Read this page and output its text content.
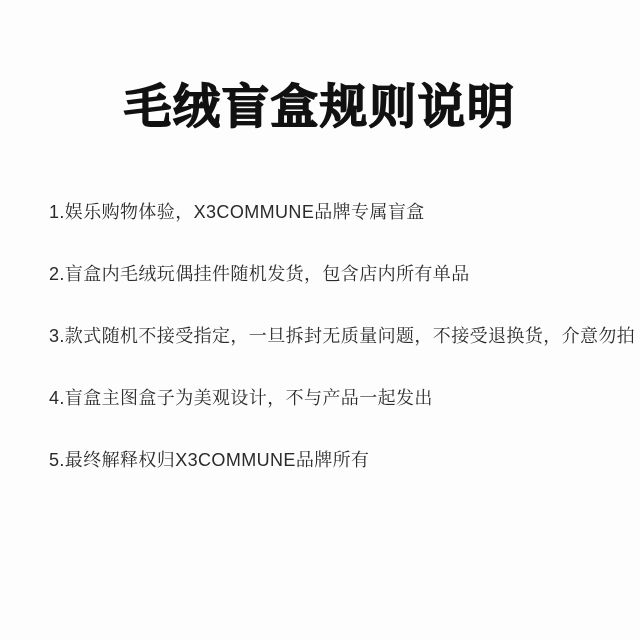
毛绒盲盒规则说明

1.娱乐购物体验，X3COMMUNE品牌专属盲盒

2.盲盒内毛绒玩偶挂件随机发货，包含店内所有单品

3.款式随机不接受指定，一旦拆封无质量问题，不接受退换货，介意勿拍

4.盲盒主图盒子为美观设计，不与产品一起发出

5.最终解释权归X3COMMUNE品牌所有
